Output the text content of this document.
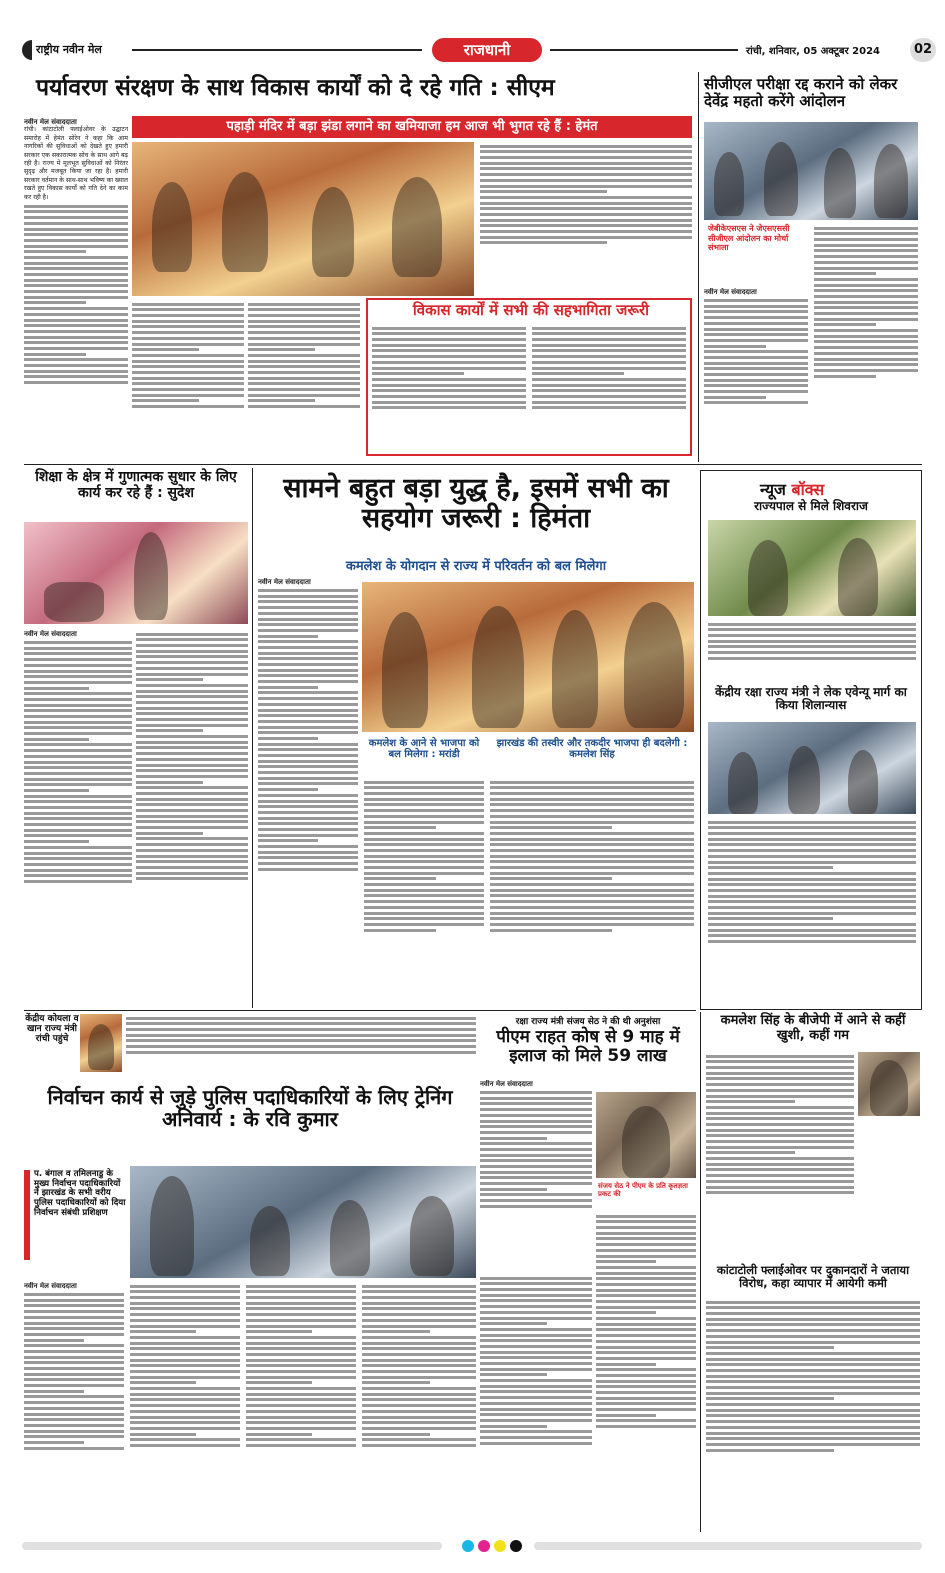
राष्ट्रीय नवीन मेल	राजधानी	रांची, शनिवार, 05 अक्टूबर 2024	02
पर्यावरण संरक्षण के साथ विकास कार्यों को दे रहे गति : सीएम
पहाड़ी मंदिर में बड़ा झंडा लगाने का खमियाजा हम आज भी भुगत रहे हैं : हेमंत
नवीन मेल संवाददाता
रांची। कांटाटोली फ्लाईओवर के उद्घाटन समारोह में हेमंत सोरेन ने कहा कि आम नागरिकों की सुविधाओं को देखते हुए हमारी सरकार एक सकारात्मक सोच के साथ आगे बढ़ रही है। राज्य में मूलभूत सुविधाओं को निरंतर सुदृढ़ और मजबूत किया जा रहा है। हमारी सरकार वर्तमान के साथ-साथ भविष्य का ख्याल रखते हुए विकास कार्यों को गति देने का काम कर रही है।
विकास कार्यों में सभी की सहभागिता जरूरी
सीजीएल परीक्षा रद्द कराने को लेकर देवेंद्र महतो करेंगे आंदोलन
जेबीकेएसएस ने जेएसएससी सीजीएल आंदोलन का मोर्चा संभाला
नवीन मेल संवाददाता
शिक्षा के क्षेत्र में गुणात्मक सुधार के लिए कार्य कर रहे हैं : सुदेश
नवीन मेल संवाददाता
सामने बहुत बड़ा युद्ध है, इसमें सभी का सहयोग जरूरी : हिमंता
कमलेश के योगदान से राज्य में परिवर्तन को बल मिलेगा
नवीन मेल संवाददाता
कमलेश के आने से भाजपा को बल मिलेगा : मरांडी
झारखंड की तस्वीर और तकदीर भाजपा ही बदलेगी : कमलेश सिंह
न्यूज बॉक्स
राज्यपाल से मिले शिवराज
केंद्रीय रक्षा राज्य मंत्री ने लेक एवेन्यू मार्ग का किया शिलान्यास
केंद्रीय कोयला व खान राज्य मंत्री रांची पहुंचे
रक्षा राज्य मंत्री संजय सेठ ने की थी अनुशंसा
पीएम राहत कोष से 9 माह में इलाज को मिले 59 लाख
नवीन मेल संवाददाता
संजय सेठ ने पीएम के प्रति कृतज्ञता प्रकट की
निर्वाचन कार्य से जुड़े पुलिस पदाधिकारियों के लिए ट्रेनिंग अनिवार्य : के रवि कुमार
प. बंगाल व तमिलनाडु के मुख्य निर्वाचन पदाधिकारियों ने झारखंड के सभी वरीय पुलिस पदाधिकारियों को दिया निर्वाचन संबंधी प्रशिक्षण
नवीन मेल संवाददाता
कमलेश सिंह के बीजेपी में आने से कहीं खुशी, कहीं गम
कांटाटोली फ्लाईओवर पर दुकानदारों ने जताया विरोध, कहा व्यापार में आयेगी कमी
